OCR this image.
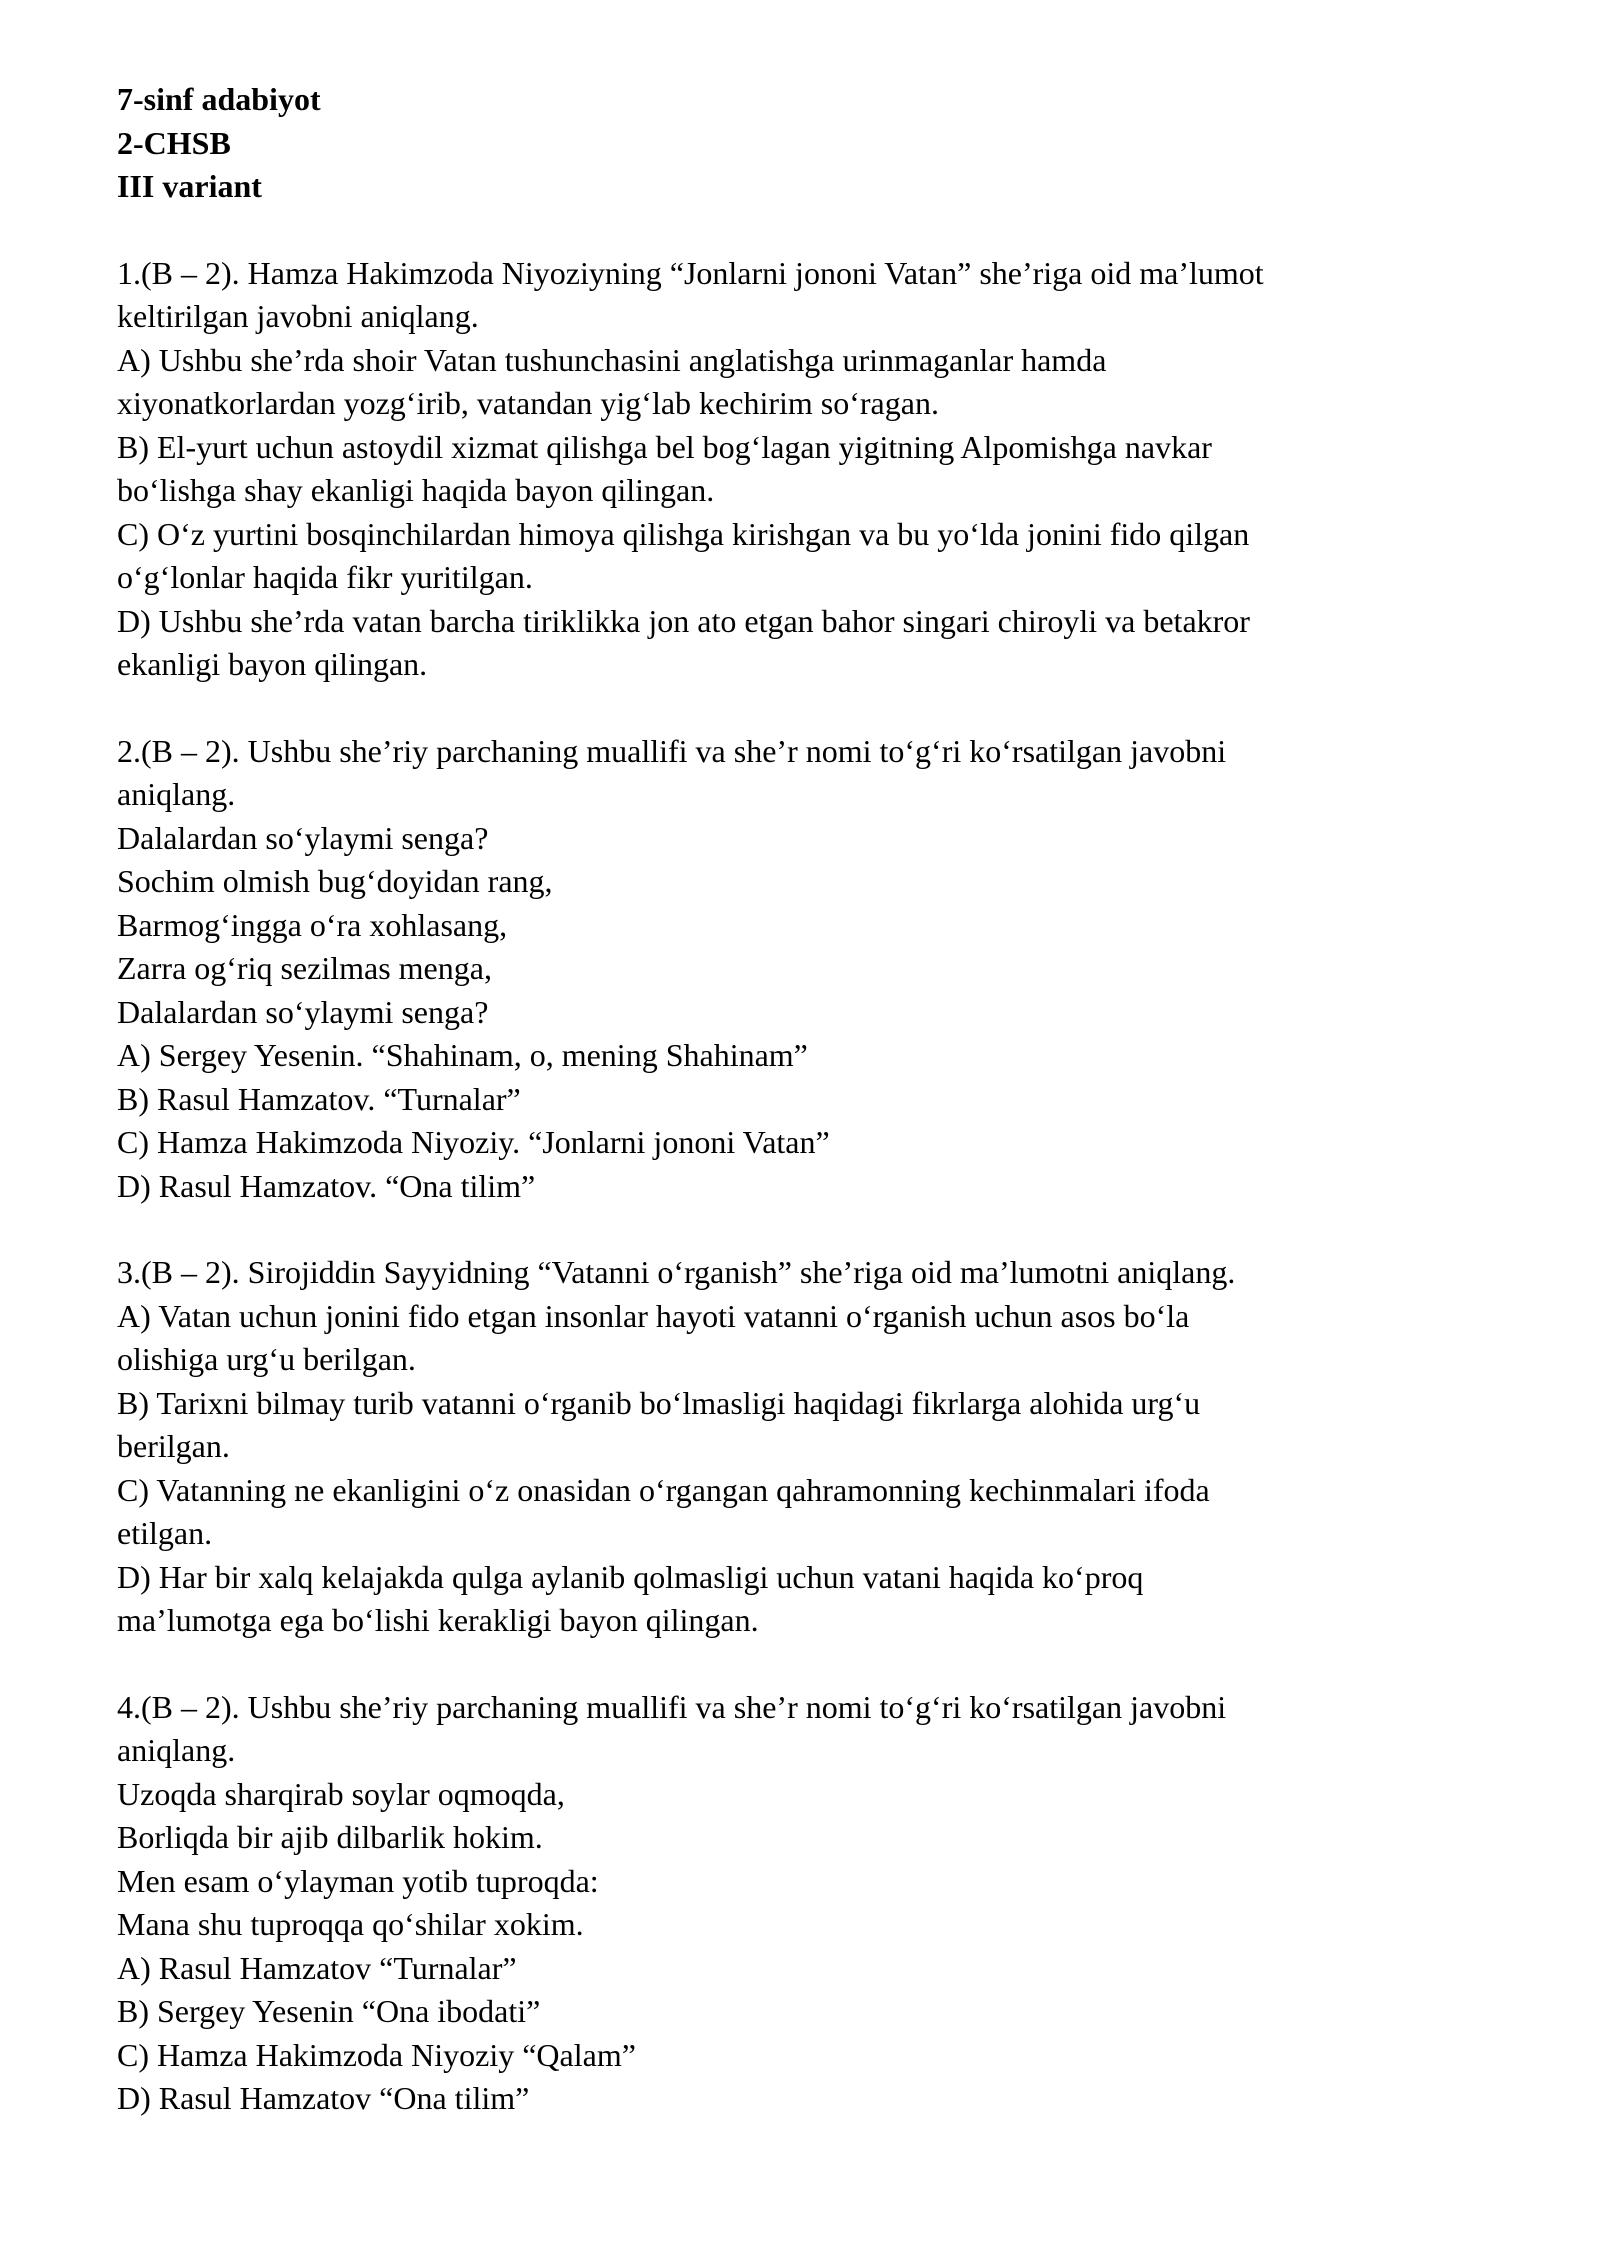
7-sinf adabiyot
2-CHSB
III variant
1.(B – 2). Hamza Hakimzoda Niyoziyning “Jonlarni jononi Vatan” she’riga oid ma’lumot
keltirilgan javobni aniqlang.
A) Ushbu she’rda shoir Vatan tushunchasini anglatishga urinmaganlar hamda
xiyonatkorlardan yozg‘irib, vatandan yig‘lab kechirim so‘ragan.
B) El-yurt uchun astoydil xizmat qilishga bel bog‘lagan yigitning Alpomishga navkar
bo‘lishga shay ekanligi haqida bayon qilingan.
C) O‘z yurtini bosqinchilardan himoya qilishga kirishgan va bu yo‘lda jonini fido qilgan
o‘g‘lonlar haqida fikr yuritilgan.
D) Ushbu she’rda vatan barcha tiriklikka jon ato etgan bahor singari chiroyli va betakror
ekanligi bayon qilingan.
2.(B – 2). Ushbu she’riy parchaning muallifi va she’r nomi to‘g‘ri ko‘rsatilgan javobni
aniqlang.
Dalalardan so‘ylaymi senga?
Sochim olmish bug‘doyidan rang,
Barmog‘ingga o‘ra xohlasang,
Zarra og‘riq sezilmas menga,
Dalalardan so‘ylaymi senga?
A) Sergey Yesenin. “Shahinam, o, mening Shahinam”
B) Rasul Hamzatov. “Turnalar”
C) Hamza Hakimzoda Niyoziy. “Jonlarni jononi Vatan”
D) Rasul Hamzatov. “Ona tilim”
3.(B – 2). Sirojiddin Sayyidning “Vatanni o‘rganish” she’riga oid ma’lumotni aniqlang.
A) Vatan uchun jonini fido etgan insonlar hayoti vatanni o‘rganish uchun asos bo‘la
olishiga urg‘u berilgan.
B) Tarixni bilmay turib vatanni o‘rganib bo‘lmasligi haqidagi fikrlarga alohida urg‘u
berilgan.
C) Vatanning ne ekanligini o‘z onasidan o‘rgangan qahramonning kechinmalari ifoda
etilgan.
D) Har bir xalq kelajakda qulga aylanib qolmasligi uchun vatani haqida ko‘proq
ma’lumotga ega bo‘lishi kerakligi bayon qilingan.
4.(B – 2). Ushbu she’riy parchaning muallifi va she’r nomi to‘g‘ri ko‘rsatilgan javobni
aniqlang.
Uzoqda sharqirab soylar oqmoqda,
Borliqda bir ajib dilbarlik hokim.
Men esam o‘ylayman yotib tuproqda:
Mana shu tuproqqa qo‘shilar xokim.
A) Rasul Hamzatov “Turnalar”
B) Sergey Yesenin “Ona ibodati”
C) Hamza Hakimzoda Niyoziy “Qalam”
D) Rasul Hamzatov “Ona tilim”
